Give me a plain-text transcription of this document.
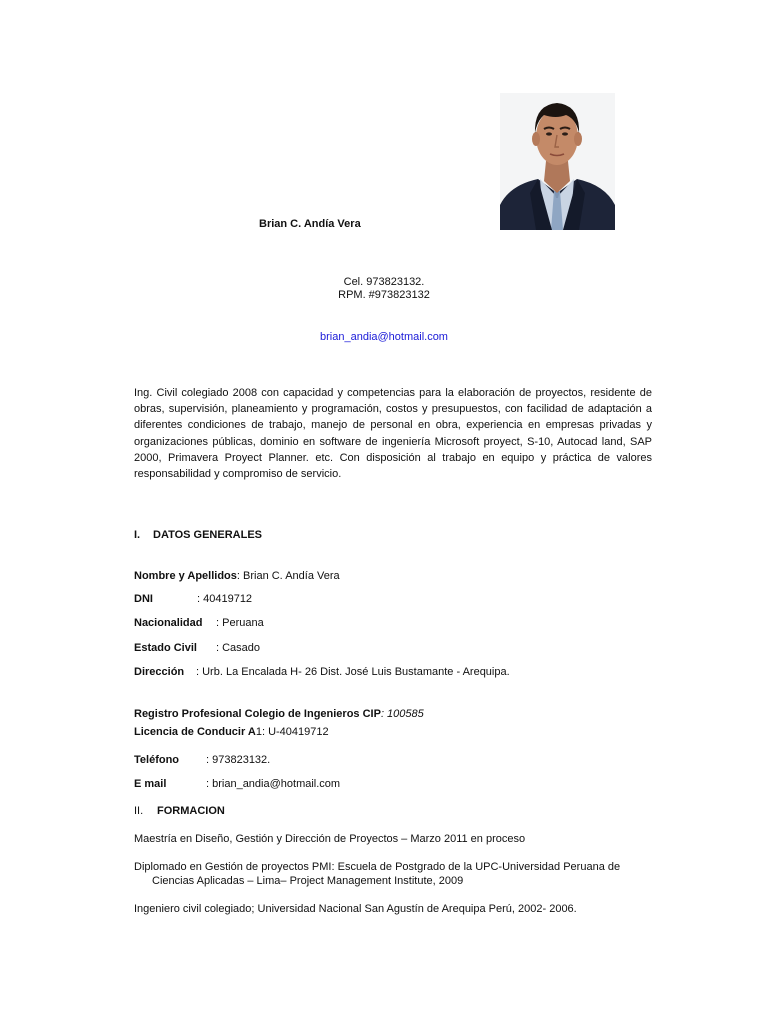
Brian C. Andía Vera
Cel. 973823132.
RPM. #973823132
brian_andia@hotmail.com
Ing. Civil colegiado 2008 con capacidad y competencias para la elaboración de proyectos, residente de obras, supervisión, planeamiento y programación, costos y presupuestos, con facilidad de adaptación a diferentes condiciones de trabajo, manejo de personal en obra, experiencia en empresas privadas y organizaciones públicas, dominio en software de ingeniería Microsoft proyect, S-10, Autocad land, SAP 2000, Primavera Proyect Planner. etc. Con disposición al trabajo en equipo y práctica de valores responsabilidad y compromiso de servicio.
I. DATOS GENERALES
Nombre y Apellidos: Brian C. Andía Vera
DNI	: 40419712
Nacionalidad : Peruana
Estado Civil : Casado
Dirección : Urb. La Encalada H- 26 Dist. José Luis Bustamante - Arequipa.
Registro Profesional Colegio de Ingenieros CIP: 100585
Licencia de Conducir A1: U-40419712
Teléfono : 973823132.
E mail	: brian_andia@hotmail.com
II. FORMACION
Maestría en Diseño, Gestión y Dirección de Proyectos – Marzo 2011 en proceso
Diplomado en Gestión de proyectos PMI: Escuela de Postgrado de la UPC-Universidad Peruana de
Ciencias Aplicadas – Lima– Project Management Institute, 2009
Ingeniero civil colegiado; Universidad Nacional San Agustín de Arequipa Perú, 2002- 2006.
